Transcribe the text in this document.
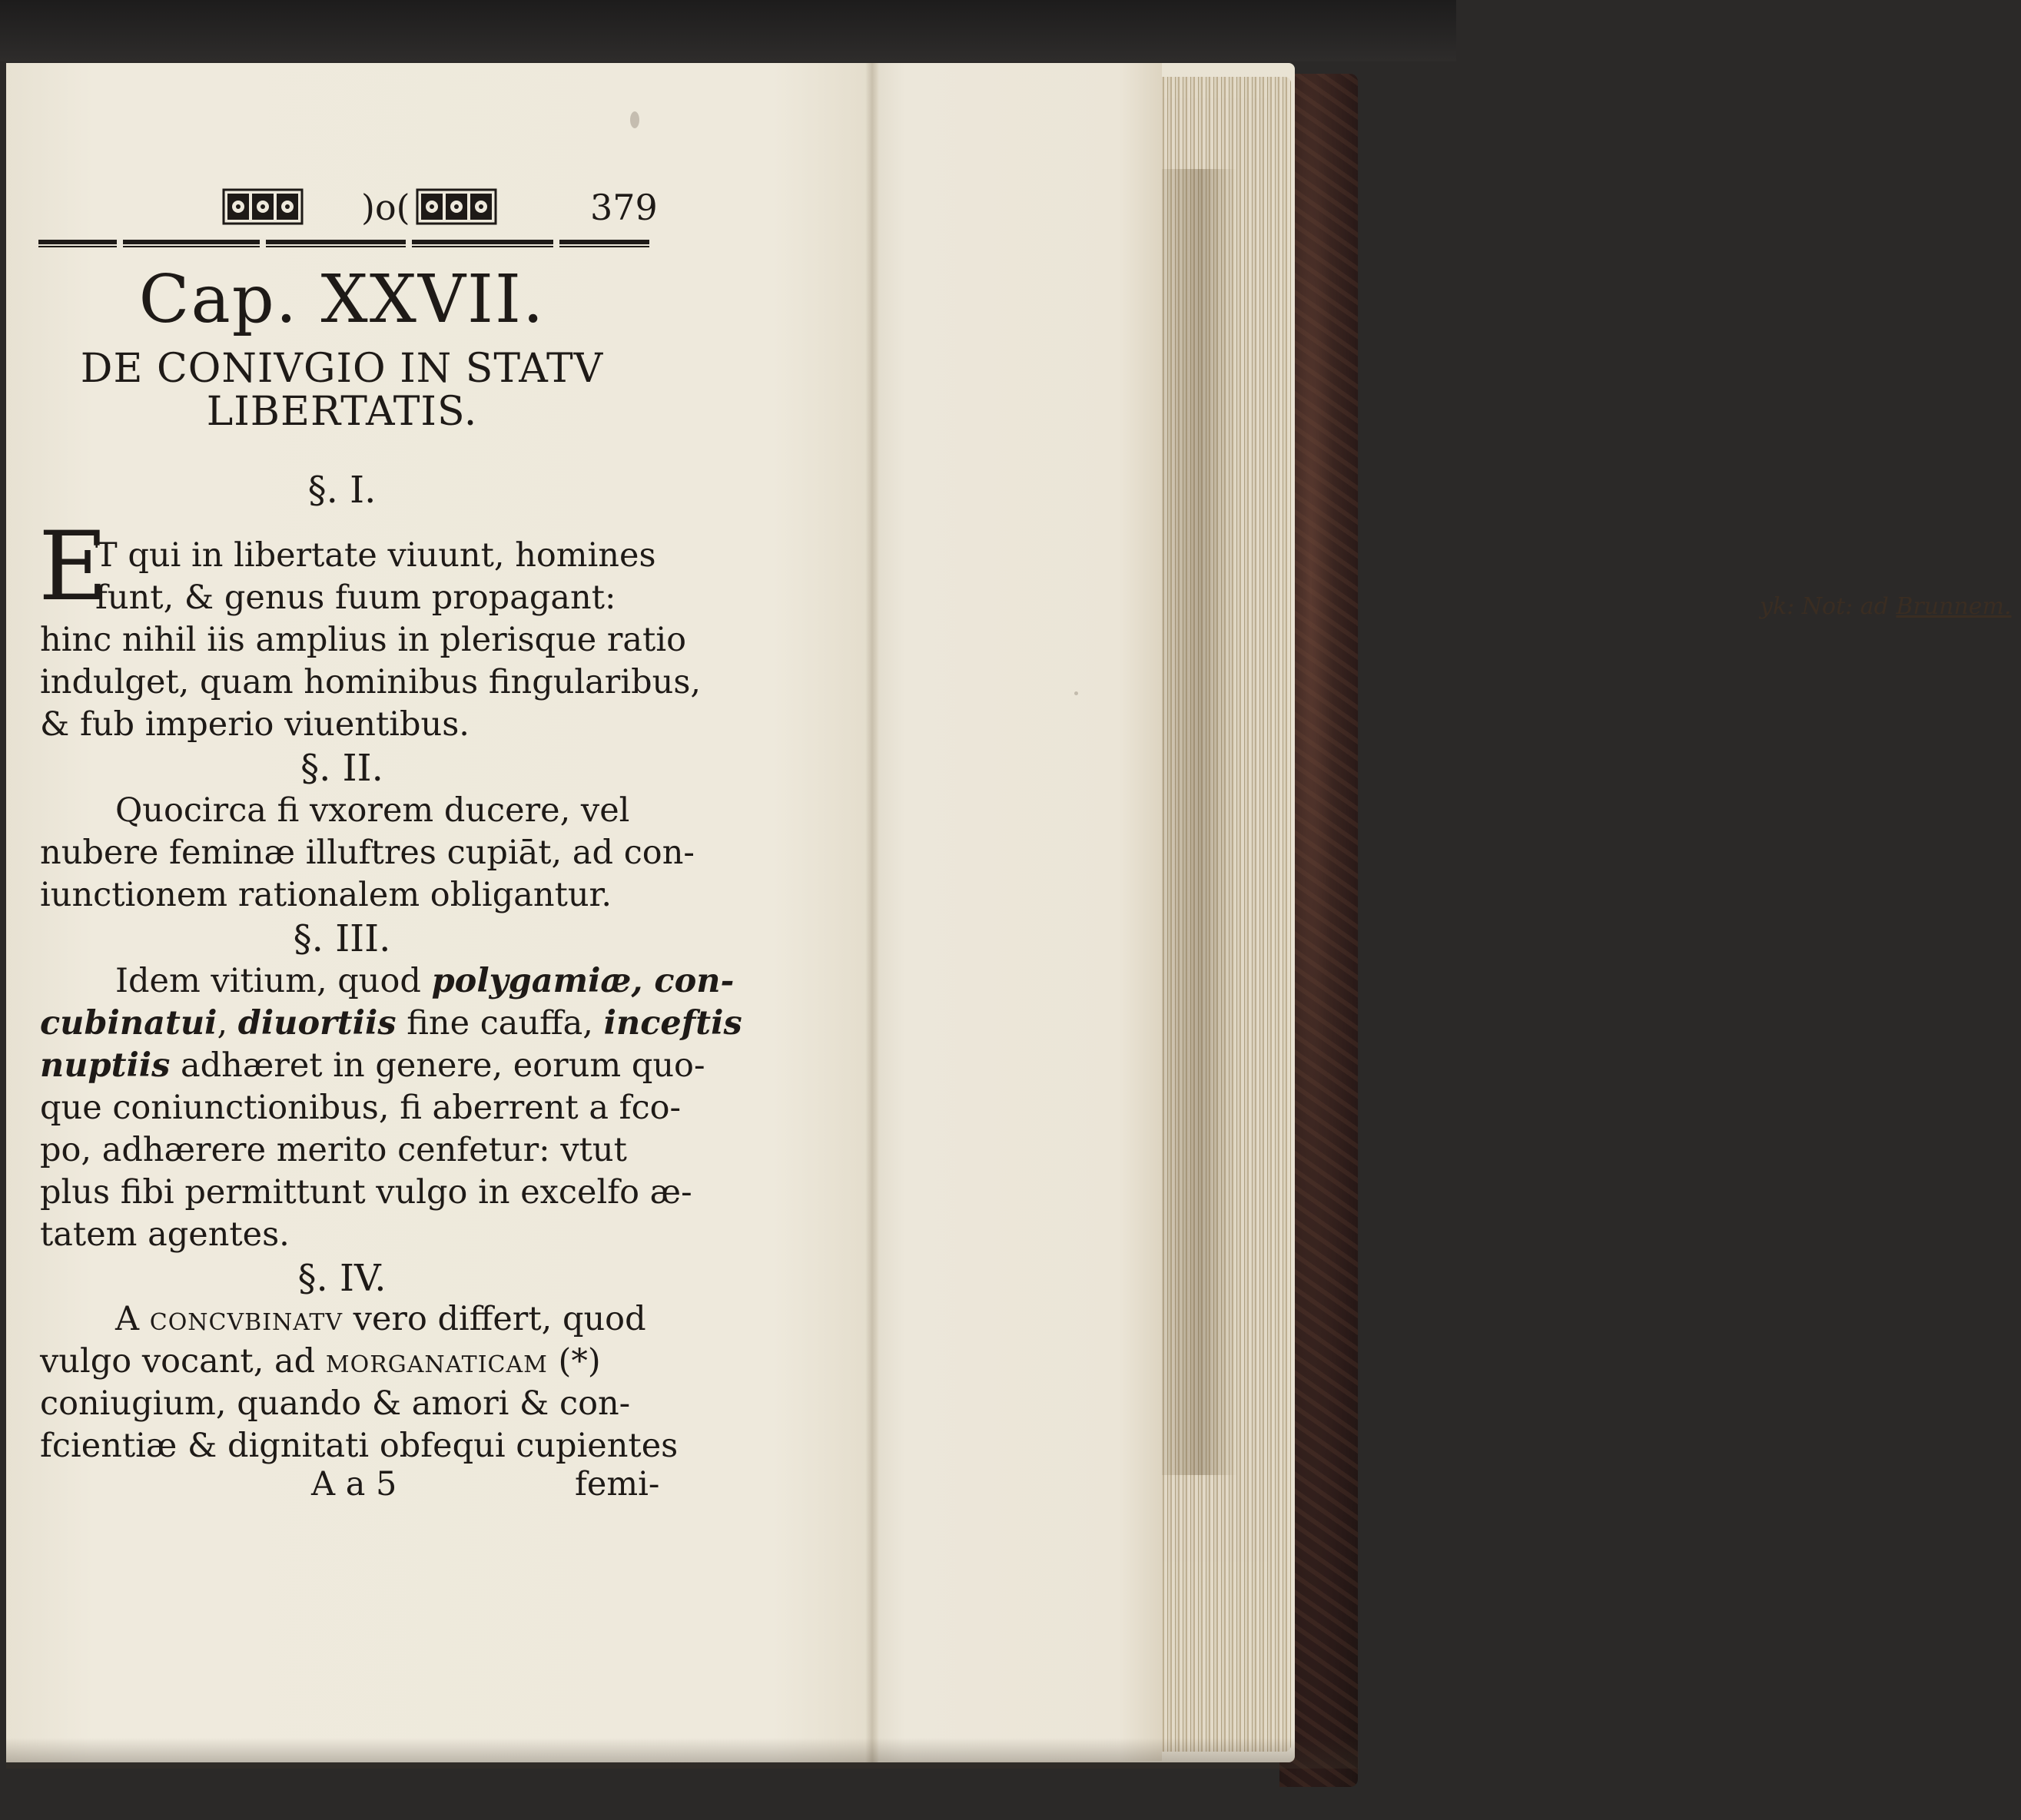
yk: Not: ad Brunnem.
)o(	379
Cap. XXVII.
DE CONIVGIO IN STATV
LIBERTATIS.
§. I.
E
T qui in libertate viuunt, homines
funt, & genus fuum propagant:
hinc nihil iis amplius in plerisque ratio
indulget, quam hominibus fingularibus,
& fub imperio viuentibus.
§. II.
Quocirca fi vxorem ducere, vel
nubere feminæ illuftres cupiāt, ad con-
iunctionem rationalem obligantur.
§. III.
Idem vitium, quod polygamiæ, con-
cubinatui, diuortiis fine cauffa, inceftis
nuptiis adhæret in genere, eorum quo-
que coniunctionibus, fi aberrent a fco-
po, adhærere merito cenfetur: vtut
plus fibi permittunt vulgo in excelfo æ-
tatem agentes.
§. IV.
A concvbinatv vero differt, quod
vulgo vocant, ad morganaticam (*)
coniugium, quando & amori & con-
fcientiæ & dignitati obfequi cupientes
A a 5	femi-
